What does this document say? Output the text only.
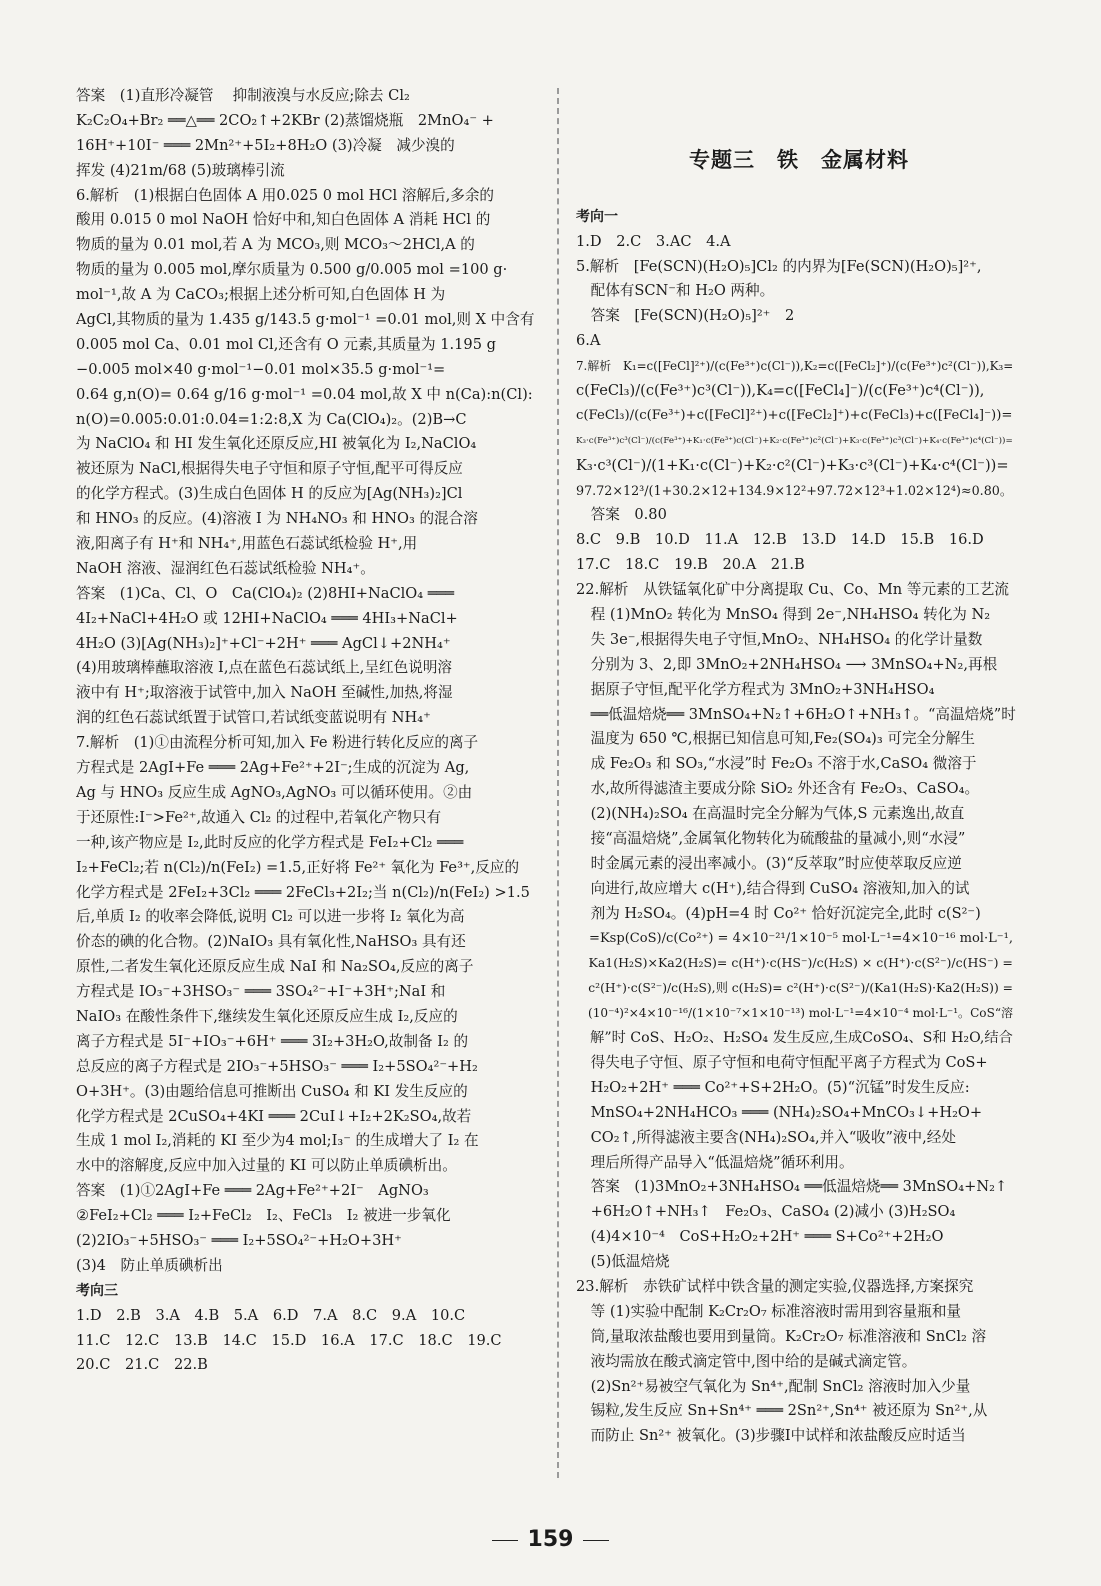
答案　(1)直形冷凝管　 抑制液溴与水反应;除去 Cl₂
K₂C₂O₄+Br₂ ══△══ 2CO₂↑+2KBr (2)蒸馏烧瓶　2MnO₄⁻ +
16H⁺+10I⁻ ═══ 2Mn²⁺+5I₂+8H₂O (3)冷凝　减少溴的
挥发 (4)21m/68 (5)玻璃棒引流
6.解析　(1)根据白色固体 A 用0.025 0 mol HCl 溶解后,多余的
酸用 0.015 0 mol NaOH 恰好中和,知白色固体 A 消耗 HCl 的
物质的量为 0.01 mol,若 A 为 MCO₃,则 MCO₃～2HCl,A 的
物质的量为 0.005 mol,摩尔质量为 0.500 g/0.005 mol =100 g·
mol⁻¹,故 A 为 CaCO₃;根据上述分析可知,白色固体 H 为
AgCl,其物质的量为 1.435 g/143.5 g·mol⁻¹ =0.01 mol,则 X 中含有
0.005 mol Ca、0.01 mol Cl,还含有 O 元素,其质量为 1.195 g
−0.005 mol×40 g·mol⁻¹−0.01 mol×35.5 g·mol⁻¹=
0.64 g,n(O)= 0.64 g/16 g·mol⁻¹ =0.04 mol,故 X 中 n(Ca):n(Cl):
n(O)=0.005:0.01:0.04=1:2:8,X 为 Ca(ClO₄)₂。(2)B→C
为 NaClO₄ 和 HI 发生氧化还原反应,HI 被氧化为 I₂,NaClO₄
被还原为 NaCl,根据得失电子守恒和原子守恒,配平可得反应
的化学方程式。(3)生成白色固体 H 的反应为[Ag(NH₃)₂]Cl
和 HNO₃ 的反应。(4)溶液 I 为 NH₄NO₃ 和 HNO₃ 的混合溶
液,阳离子有 H⁺和 NH₄⁺,用蓝色石蕊试纸检验 H⁺,用
NaOH 溶液、湿润红色石蕊试纸检验 NH₄⁺。
答案　(1)Ca、Cl、O　Ca(ClO₄)₂ (2)8HI+NaClO₄ ═══
4I₂+NaCl+4H₂O 或 12HI+NaClO₄ ═══ 4HI₃+NaCl+
4H₂O (3)[Ag(NH₃)₂]⁺+Cl⁻+2H⁺ ═══ AgCl↓+2NH₄⁺
(4)用玻璃棒蘸取溶液 I,点在蓝色石蕊试纸上,呈红色说明溶
液中有 H⁺;取溶液于试管中,加入 NaOH 至碱性,加热,将湿
润的红色石蕊试纸置于试管口,若试纸变蓝说明有 NH₄⁺
7.解析　(1)①由流程分析可知,加入 Fe 粉进行转化反应的离子
方程式是 2AgI+Fe ═══ 2Ag+Fe²⁺+2I⁻;生成的沉淀为 Ag,
Ag 与 HNO₃ 反应生成 AgNO₃,AgNO₃ 可以循环使用。②由
于还原性:I⁻>Fe²⁺,故通入 Cl₂ 的过程中,若氧化产物只有
一种,该产物应是 I₂,此时反应的化学方程式是 FeI₂+Cl₂ ═══
I₂+FeCl₂;若 n(Cl₂)/n(FeI₂) =1.5,正好将 Fe²⁺ 氧化为 Fe³⁺,反应的
化学方程式是 2FeI₂+3Cl₂ ═══ 2FeCl₃+2I₂;当 n(Cl₂)/n(FeI₂) >1.5
后,单质 I₂ 的收率会降低,说明 Cl₂ 可以进一步将 I₂ 氧化为高
价态的碘的化合物。(2)NaIO₃ 具有氧化性,NaHSO₃ 具有还
原性,二者发生氧化还原反应生成 NaI 和 Na₂SO₄,反应的离子
方程式是 IO₃⁻+3HSO₃⁻ ═══ 3SO₄²⁻+I⁻+3H⁺;NaI 和
NaIO₃ 在酸性条件下,继续发生氧化还原反应生成 I₂,反应的
离子方程式是 5I⁻+IO₃⁻+6H⁺ ═══ 3I₂+3H₂O,故制备 I₂ 的
总反应的离子方程式是 2IO₃⁻+5HSO₃⁻ ═══ I₂+5SO₄²⁻+H₂
O+3H⁺。(3)由题给信息可推断出 CuSO₄ 和 KI 发生反应的
化学方程式是 2CuSO₄+4KI ═══ 2CuI↓+I₂+2K₂SO₄,故若
生成 1 mol I₂,消耗的 KI 至少为4 mol;I₃⁻ 的生成增大了 I₂ 在
水中的溶解度,反应中加入过量的 KI 可以防止单质碘析出。
答案　(1)①2AgI+Fe ═══ 2Ag+Fe²⁺+2I⁻　AgNO₃
②FeI₂+Cl₂ ═══ I₂+FeCl₂　I₂、FeCl₃　I₂ 被进一步氧化
(2)2IO₃⁻+5HSO₃⁻ ═══ I₂+5SO₄²⁻+H₂O+3H⁺
(3)4　防止单质碘析出
考向三
1.D　2.B　3.A　4.B　5.A　6.D　7.A　8.C　9.A　10.C
11.C　12.C　13.B　14.C　15.D　16.A　17.C　18.C　19.C
20.C　21.C　22.B

专题三　铁　金属材料

考向一
1.D　2.C　3.AC　4.A
5.解析　[Fe(SCN)(H₂O)₅]Cl₂ 的内界为[Fe(SCN)(H₂O)₅]²⁺,
　配体有SCN⁻和 H₂O 两种。
　答案　[Fe(SCN)(H₂O)₅]²⁺　2
6.A
7.解析　K₁=c([FeCl]²⁺)/(c(Fe³⁺)c(Cl⁻)),K₂=c([FeCl₂]⁺)/(c(Fe³⁺)c²(Cl⁻)),K₃=
c(FeCl₃)/(c(Fe³⁺)c³(Cl⁻)),K₄=c([FeCl₄]⁻)/(c(Fe³⁺)c⁴(Cl⁻)),
c(FeCl₃)/(c(Fe³⁺)+c([FeCl]²⁺)+c([FeCl₂]⁺)+c(FeCl₃)+c([FeCl₄]⁻))=
K₃·c(Fe³⁺)c³(Cl⁻)/(c(Fe³⁺)+K₁·c(Fe³⁺)c(Cl⁻)+K₂·c(Fe³⁺)c²(Cl⁻)+K₃·c(Fe³⁺)c³(Cl⁻)+K₄·c(Fe³⁺)c⁴(Cl⁻))=
K₃·c³(Cl⁻)/(1+K₁·c(Cl⁻)+K₂·c²(Cl⁻)+K₃·c³(Cl⁻)+K₄·c⁴(Cl⁻))=
97.72×12³/(1+30.2×12+134.9×12²+97.72×12³+1.02×12⁴)≈0.80。
　答案　0.80
8.C　9.B　10.D　11.A　12.B　13.D　14.D　15.B　16.D
17.C　18.C　19.B　20.A　21.B
22.解析　从铁锰氧化矿中分离提取 Cu、Co、Mn 等元素的工艺流
　程 (1)MnO₂ 转化为 MnSO₄ 得到 2e⁻,NH₄HSO₄ 转化为 N₂
　失 3e⁻,根据得失电子守恒,MnO₂、NH₄HSO₄ 的化学计量数
　分别为 3、2,即 3MnO₂+2NH₄HSO₄ ⟶ 3MnSO₄+N₂,再根
　据原子守恒,配平化学方程式为 3MnO₂+3NH₄HSO₄
　══低温焙烧══ 3MnSO₄+N₂↑+6H₂O↑+NH₃↑。“高温焙烧”时
　温度为 650 ℃,根据已知信息可知,Fe₂(SO₄)₃ 可完全分解生
　成 Fe₂O₃ 和 SO₃,“水浸”时 Fe₂O₃ 不溶于水,CaSO₄ 微溶于
　水,故所得滤渣主要成分除 SiO₂ 外还含有 Fe₂O₃、CaSO₄。
　(2)(NH₄)₂SO₄ 在高温时完全分解为气体,S 元素逸出,故直
　接“高温焙烧”,金属氧化物转化为硫酸盐的量减小,则“水浸”
　时金属元素的浸出率减小。(3)“反萃取”时应使萃取反应逆
　向进行,故应增大 c(H⁺),结合得到 CuSO₄ 溶液知,加入的试
　剂为 H₂SO₄。(4)pH=4 时 Co²⁺ 恰好沉淀完全,此时 c(S²⁻)
　=Ksp(CoS)/c(Co²⁺) = 4×10⁻²¹/1×10⁻⁵ mol·L⁻¹=4×10⁻¹⁶ mol·L⁻¹,
　Ka1(H₂S)×Ka2(H₂S)= c(H⁺)·c(HS⁻)/c(H₂S) × c(H⁺)·c(S²⁻)/c(HS⁻) =
　c²(H⁺)·c(S²⁻)/c(H₂S),则 c(H₂S)= c²(H⁺)·c(S²⁻)/(Ka1(H₂S)·Ka2(H₂S)) =
　(10⁻⁴)²×4×10⁻¹⁶/(1×10⁻⁷×1×10⁻¹³) mol·L⁻¹=4×10⁻⁴ mol·L⁻¹。CoS“溶
　解”时 CoS、H₂O₂、H₂SO₄ 发生反应,生成CoSO₄、S和 H₂O,结合
　得失电子守恒、原子守恒和电荷守恒配平离子方程式为 CoS+
　H₂O₂+2H⁺ ═══ Co²⁺+S+2H₂O。(5)“沉锰”时发生反应:
　MnSO₄+2NH₄HCO₃ ═══ (NH₄)₂SO₄+MnCO₃↓+H₂O+
　CO₂↑,所得滤液主要含(NH₄)₂SO₄,并入“吸收”液中,经处
　理后所得产品导入“低温焙烧”循环利用。
　答案　(1)3MnO₂+3NH₄HSO₄ ══低温焙烧══ 3MnSO₄+N₂↑
　+6H₂O↑+NH₃↑　Fe₂O₃、CaSO₄ (2)减小 (3)H₂SO₄
　(4)4×10⁻⁴　CoS+H₂O₂+2H⁺ ═══ S+Co²⁺+2H₂O
　(5)低温焙烧
23.解析　赤铁矿试样中铁含量的测定实验,仪器选择,方案探究
　等 (1)实验中配制 K₂Cr₂O₇ 标准溶液时需用到容量瓶和量
　筒,量取浓盐酸也要用到量筒。K₂Cr₂O₇ 标准溶液和 SnCl₂ 溶
　液均需放在酸式滴定管中,图中给的是碱式滴定管。
　(2)Sn²⁺易被空气氧化为 Sn⁴⁺,配制 SnCl₂ 溶液时加入少量
　锡粒,发生反应 Sn+Sn⁴⁺ ═══ 2Sn²⁺,Sn⁴⁺ 被还原为 Sn²⁺,从
　而防止 Sn²⁺ 被氧化。(3)步骤Ⅰ中试样和浓盐酸反应时适当
159
